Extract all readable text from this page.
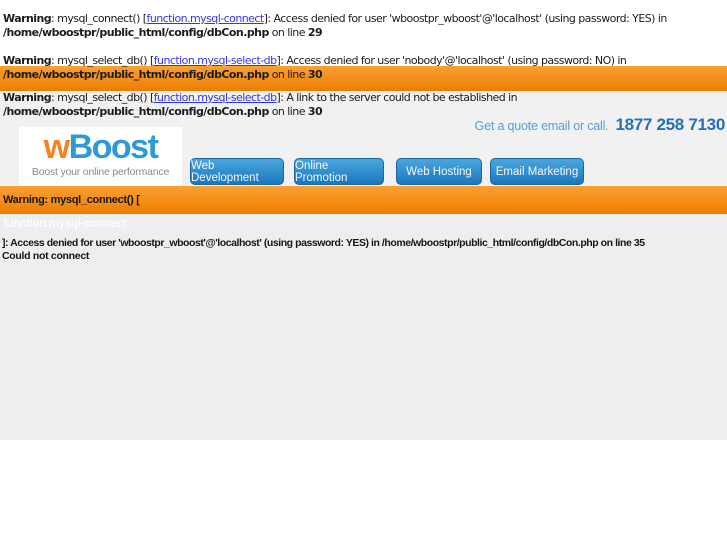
wBoost
Boost your online performance
Get a quote email or call. 1877 258 7130
Web Development
Online Promotion	Web Hosting	Email Marketing
Warning: mysql_connect() [
function.mysql-connect
]: Access denied for user 'wboostpr_wboost'@'localhost' (using password: YES) in /home/wboostpr/public_html/config/dbCon.php on line 35
Could not connect
Warning: mysql_connect() [function.mysql-connect]: Access denied for user 'wboostpr_wboost'@'localhost' (using password: YES) in
/home/wboostpr/public_html/config/dbCon.php on line 29
Warning: mysql_select_db() [function.mysql-select-db]: Access denied for user 'nobody'@'localhost' (using password: NO) in
/home/wboostpr/public_html/config/dbCon.php on line 30
Warning: mysql_select_db() [function.mysql-select-db]: A link to the server could not be established in
/home/wboostpr/public_html/config/dbCon.php on line 30
